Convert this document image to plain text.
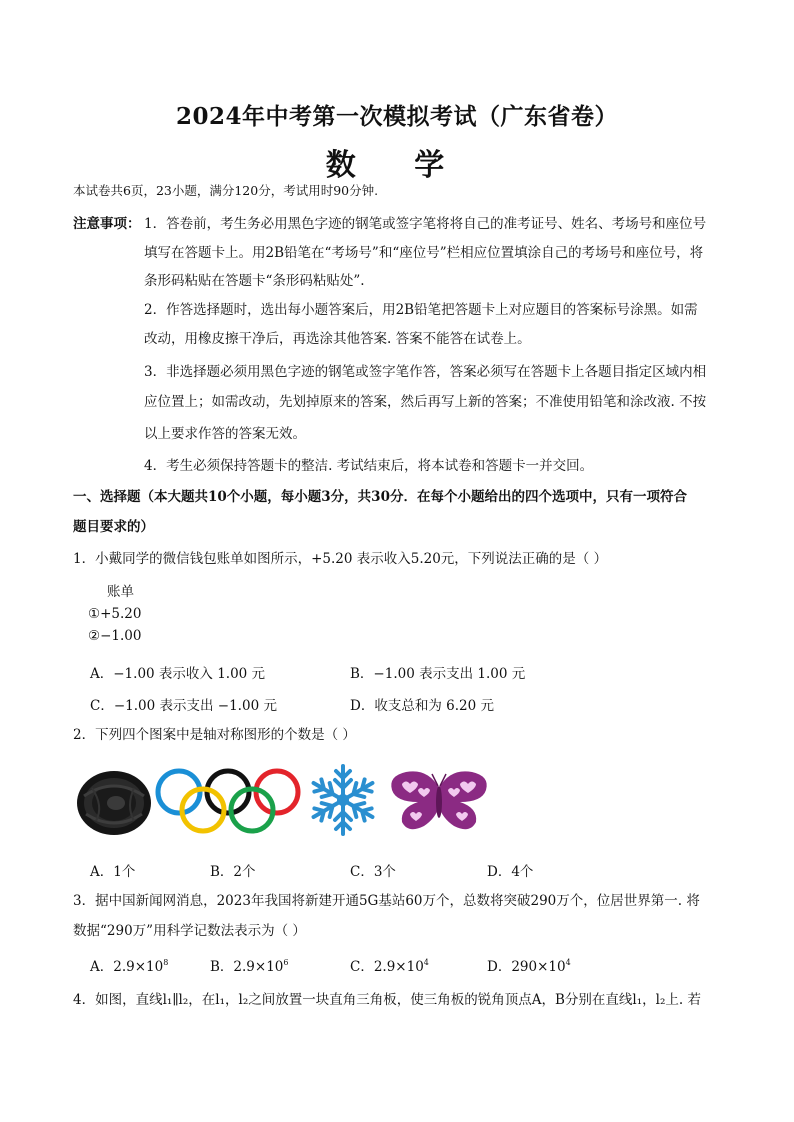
2024年中考第一次模拟考试（广东省卷）
数 学
本试卷共6页，23小题，满分120分，考试用时90分钟.
注意事项： 1．答卷前，考生务必用黑色字迹的钢笔或签字笔将将自己的准考证号、姓名、考场号和座位号
填写在答题卡上。用2B铅笔在“考场号”和“座位号”栏相应位置填涂自己的考场号和座位号，将
条形码粘贴在答题卡“条形码粘贴处”.
2．作答选择题时，选出每小题答案后，用2B铅笔把答题卡上对应题目的答案标号涂黑。如需
改动，用橡皮擦干净后，再选涂其他答案. 答案不能答在试卷上。
3．非选择题必须用黑色字迹的钢笔或签字笔作答，答案必须写在答题卡上各题目指定区域内相
应位置上；如需改动，先划掉原来的答案，然后再写上新的答案；不准使用铅笔和涂改液. 不按
以上要求作答的答案无效。
4．考生必须保持答题卡的整洁. 考试结束后，将本试卷和答题卡一并交回。
一、选择题（本大题共10个小题，每小题3分，共30分．在每个小题给出的四个选项中，只有一项符合
题目要求的）
1．小戴同学的微信钱包账单如图所示，+5.20 表示收入5.20元，下列说法正确的是（ ）
账单
①+5.20
②−1.00
A．−1.00 表示收入 1.00 元	B．−1.00 表示支出 1.00 元
C．−1.00 表示支出 −1.00 元	D．收支总和为 6.20 元
2．下列四个图案中是轴对称图形的个数是（ ）
A．1个	B．2个	C．3个	D．4个
3．据中国新闻网消息，2023年我国将新建开通5G基站60万个，总数将突破290万个，位居世界第一. 将
数据“290万”用科学记数法表示为（ ）
A．$2.9\times 10^8$	B．$2.9\times 10^6$	C．$2.9\times 10^4$	D．$290\times 10^4$
4．如图，直线l₁∥l₂，在l₁，l₂之间放置一块直角三角板，使三角板的锐角顶点A，B分别在直线l₁，l₂上. 若
